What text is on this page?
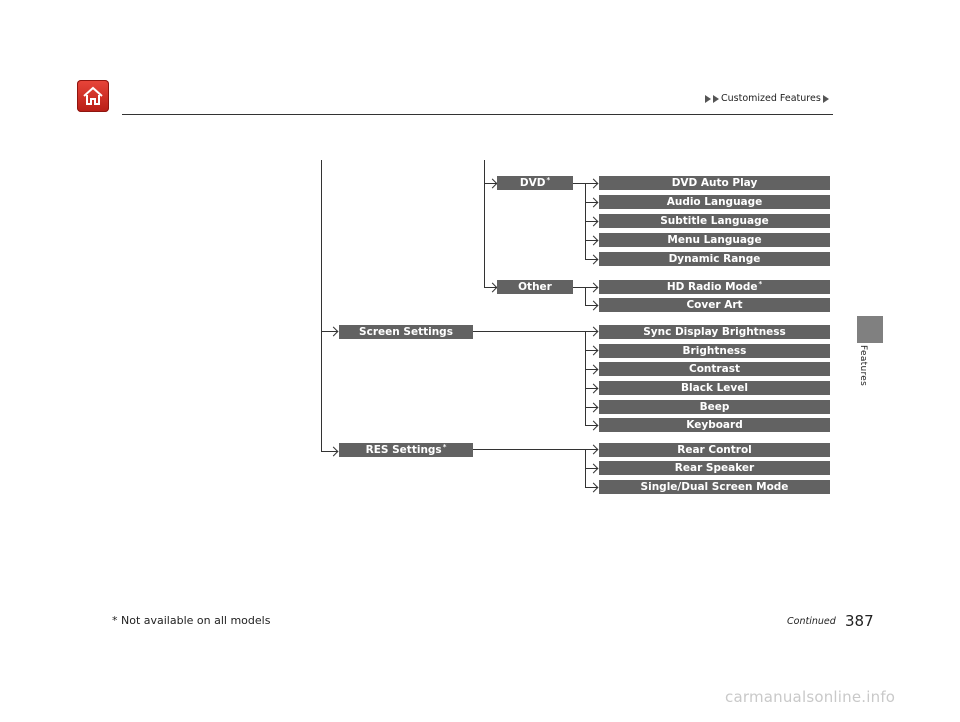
Customized Features
Features
DVD*
Other
Screen Settings
RES Settings*
DVD Auto Play
Audio Language
Subtitle Language
Menu Language
Dynamic Range
HD Radio Mode*
Cover Art
Sync Display Brightness
Brightness
Contrast
Black Level
Beep
Keyboard
Rear Control
Rear Speaker
Single/Dual Screen Mode
* Not available on all models	Continued 387
carmanualsonline.info
